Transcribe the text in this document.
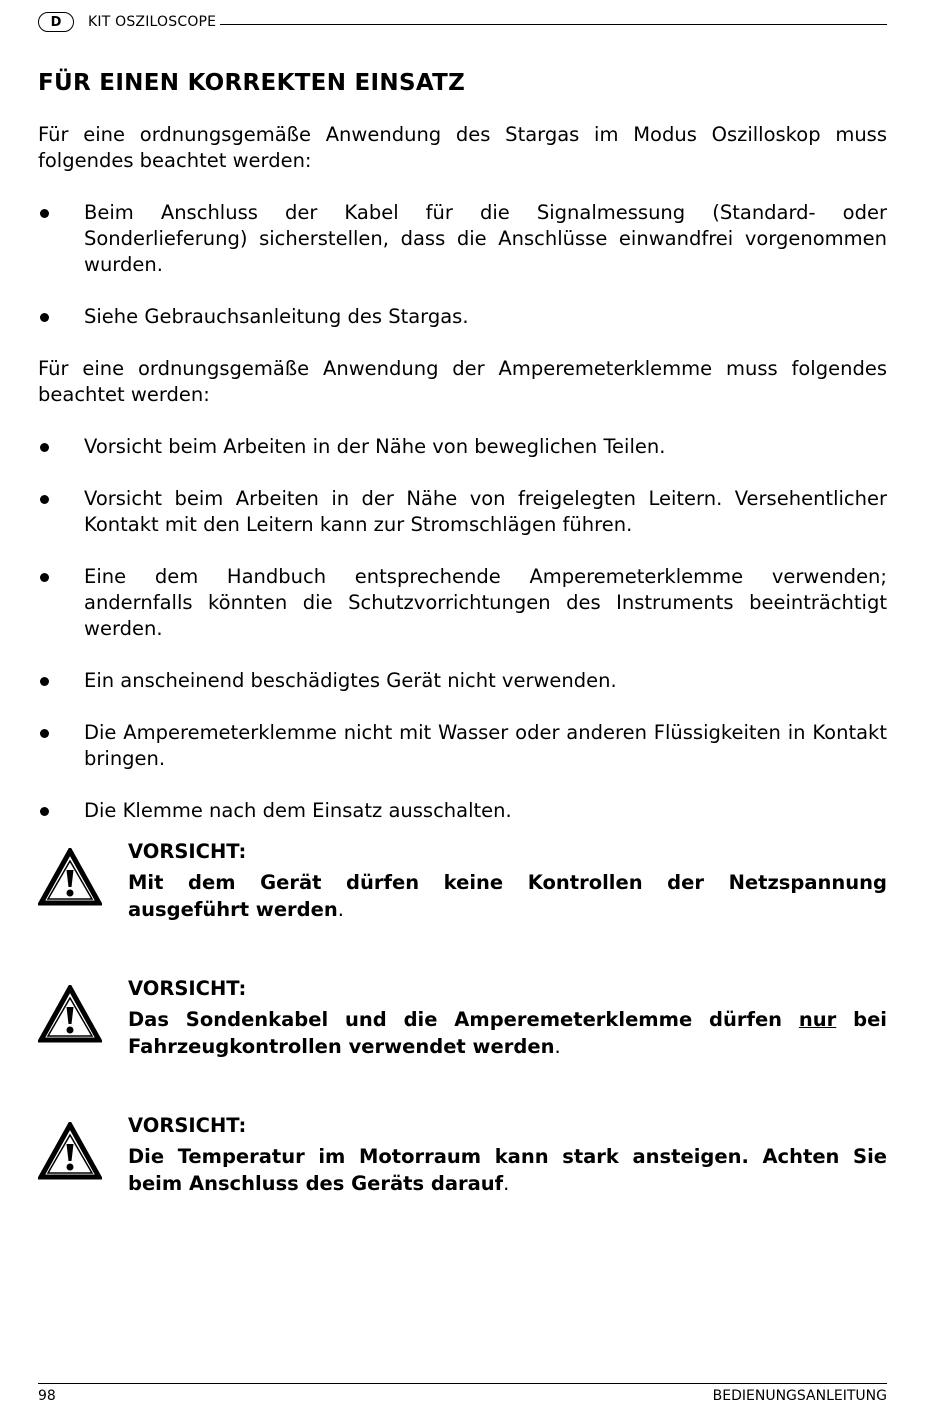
D	KIT OSZILOSCOPE
FÜR EINEN KORREKTEN EINSATZ

Für eine ordnungsgemäße Anwendung des Stargas im Modus Oszilloskop muss folgendes beachtet werden:

Beim Anschluss der Kabel für die Signalmessung (Standard- oder Sonderlieferung) sicherstellen, dass die Anschlüsse einwandfrei vorgenommen wurden.
Siehe Gebrauchsanleitung des Stargas.

Für eine ordnungsgemäße Anwendung der Amperemeterklemme muss folgendes beachtet werden:

Vorsicht beim Arbeiten in der Nähe von beweglichen Teilen.
Vorsicht beim Arbeiten in der Nähe von freigelegten Leitern. Versehentlicher Kontakt mit den Leitern kann zur Stromschlägen führen.
Eine dem Handbuch entsprechende Amperemeterklemme verwenden; andernfalls könnten die Schutzvorrichtungen des Instruments beeinträchtigt werden.
Ein anscheinend beschädigtes Gerät nicht verwenden.
Die Amperemeterklemme nicht mit Wasser oder anderen Flüssigkeiten in Kontakt bringen.
Die Klemme nach dem Einsatz ausschalten.
VORSICHT:
Mit dem Gerät dürfen keine Kontrollen der Netzspannung ausgeführt werden.
VORSICHT:
Das Sondenkabel und die Amperemeterklemme dürfen nur bei Fahrzeugkontrollen verwendet werden.
VORSICHT:
Die Temperatur im Motorraum kann stark ansteigen. Achten Sie beim Anschluss des Geräts darauf.
98	BEDIENUNGSANLEITUNG
